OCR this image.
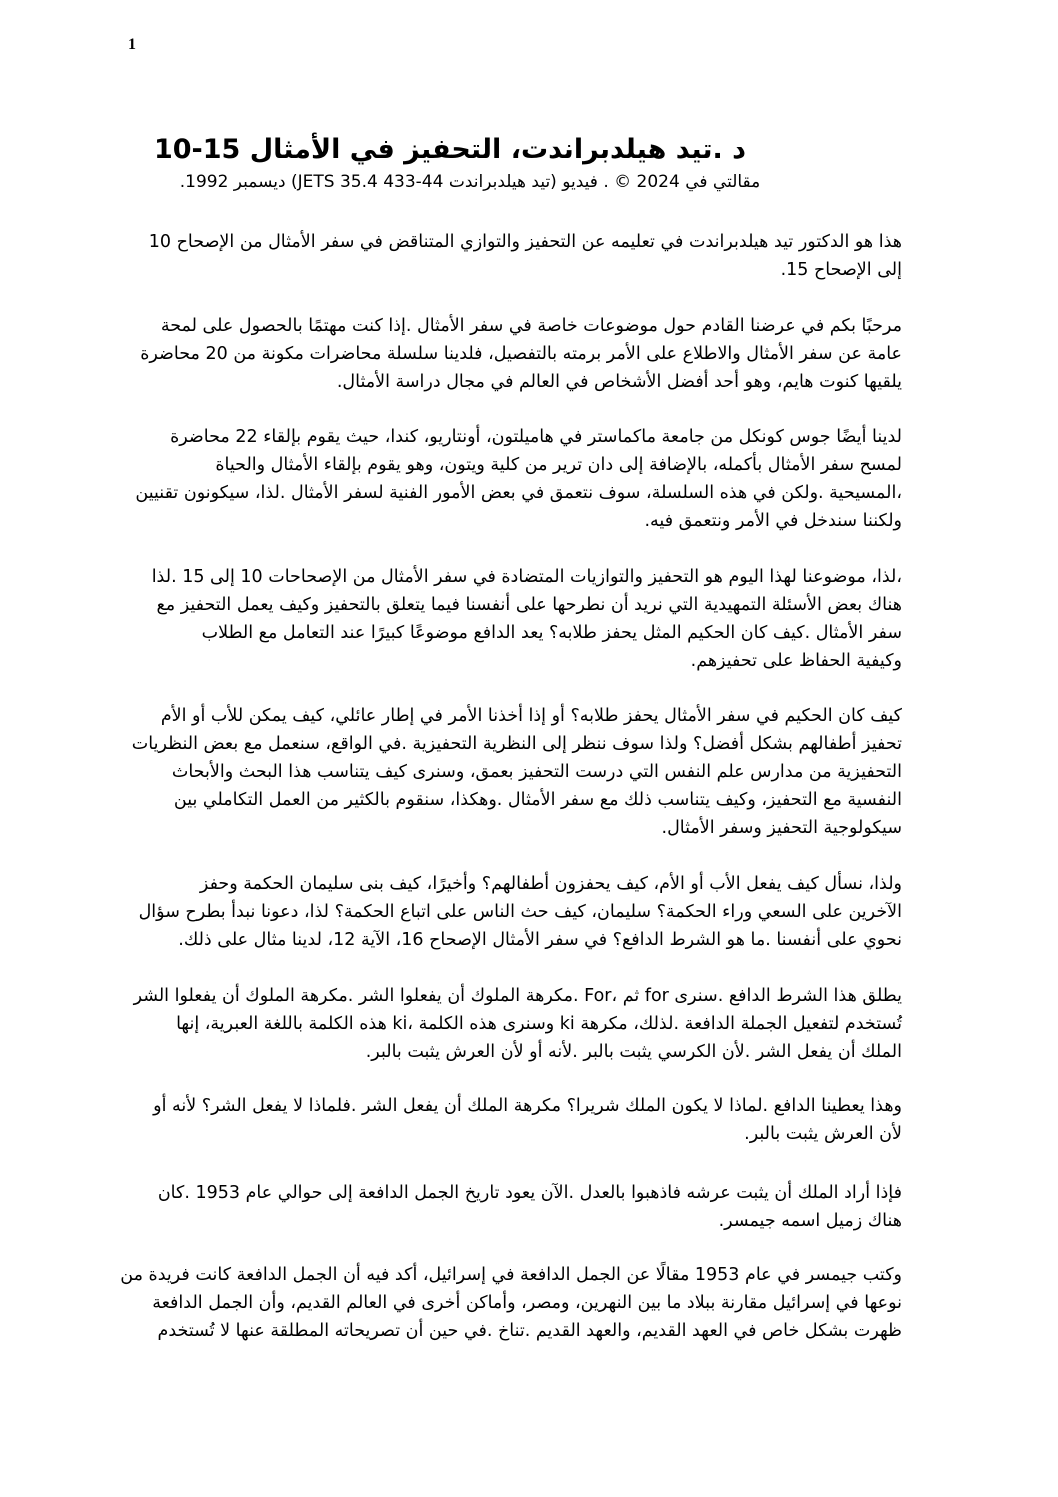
1
د .تيد هيلدبراندت، التحفيز في الأمثال 15-10
مقالتي في 2024 © . فيديو (تيد هيلدبراندت JETS 35.4 433-44) ديسمبر 1992.
هذا هو الدكتور تيد هيلدبراندت في تعليمه عن التحفيز والتوازي المتناقض في سفر الأمثال من الإصحاح 10
إلى الإصحاح 15.
مرحبًا بكم في عرضنا القادم حول موضوعات خاصة في سفر الأمثال .إذا كنت مهتمًا بالحصول على لمحة
عامة عن سفر الأمثال والاطلاع على الأمر برمته بالتفصيل، فلدينا سلسلة محاضرات مكونة من 20 محاضرة
يلقيها كنوت هايم، وهو أحد أفضل الأشخاص في العالم في مجال دراسة الأمثال.
لدينا أيضًا جوس كونكل من جامعة ماكماستر في هاميلتون، أونتاريو، كندا، حيث يقوم بإلقاء 22 محاضرة
لمسح سفر الأمثال بأكمله، بالإضافة إلى دان ترير من كلية ويتون، وهو يقوم بإلقاء الأمثال والحياة
،المسيحية .ولكن في هذه السلسلة، سوف نتعمق في بعض الأمور الفنية لسفر الأمثال .لذا، سيكونون تقنيين
ولكننا سندخل في الأمر ونتعمق فيه.
،لذا، موضوعنا لهذا اليوم هو التحفيز والتوازيات المتضادة في سفر الأمثال من الإصحاحات 10 إلى 15 .لذا
هناك بعض الأسئلة التمهيدية التي نريد أن نطرحها على أنفسنا فيما يتعلق بالتحفيز وكيف يعمل التحفيز مع
سفر الأمثال .كيف كان الحكيم المثل يحفز طلابه؟ يعد الدافع موضوعًا كبيرًا عند التعامل مع الطلاب
وكيفية الحفاظ على تحفيزهم.
كيف كان الحكيم في سفر الأمثال يحفز طلابه؟ أو إذا أخذنا الأمر في إطار عائلي، كيف يمكن للأب أو الأم
تحفيز أطفالهم بشكل أفضل؟ ولذا سوف ننظر إلى النظرية التحفيزية .في الواقع، سنعمل مع بعض النظريات
التحفيزية من مدارس علم النفس التي درست التحفيز بعمق، وسنرى كيف يتناسب هذا البحث والأبحاث
النفسية مع التحفيز، وكيف يتناسب ذلك مع سفر الأمثال .وهكذا، سنقوم بالكثير من العمل التكاملي بين
سيكولوجية التحفيز وسفر الأمثال.
ولذا، نسأل كيف يفعل الأب أو الأم، كيف يحفزون أطفالهم؟ وأخيرًا، كيف بنى سليمان الحكمة وحفز
الآخرين على السعي وراء الحكمة؟ سليمان، كيف حث الناس على اتباع الحكمة؟ لذا، دعونا نبدأ بطرح سؤال
نحوي على أنفسنا .ما هو الشرط الدافع؟ في سفر الأمثال الإصحاح 16، الآية 12، لدينا مثال على ذلك.
يطلق هذا الشرط الدافع .سنرى for ثم ،For .مكرهة الملوك أن يفعلوا الشر .مكرهة الملوك أن يفعلوا الشر
تُستخدم لتفعيل الجملة الدافعة .لذلك، مكرهة ki وسنرى هذه الكلمة ،ki هذه الكلمة باللغة العبرية، إنها
الملك أن يفعل الشر .لأن الكرسي يثبت بالبر .لأنه أو لأن العرش يثبت بالبر.
وهذا يعطينا الدافع .لماذا لا يكون الملك شريرا؟ مكرهة الملك أن يفعل الشر .فلماذا لا يفعل الشر؟ لأنه أو
لأن العرش يثبت بالبر.
فإذا أراد الملك أن يثبت عرشه فاذهبوا بالعدل .الآن يعود تاريخ الجمل الدافعة إلى حوالي عام 1953 .كان
هناك زميل اسمه جيمسر.
وكتب جيمسر في عام 1953 مقالًا عن الجمل الدافعة في إسرائيل، أكد فيه أن الجمل الدافعة كانت فريدة من
نوعها في إسرائيل مقارنة ببلاد ما بين النهرين، ومصر، وأماكن أخرى في العالم القديم، وأن الجمل الدافعة
ظهرت بشكل خاص في العهد القديم، والعهد القديم .تناخ .في حين أن تصريحاته المطلقة عنها لا تُستخدم
